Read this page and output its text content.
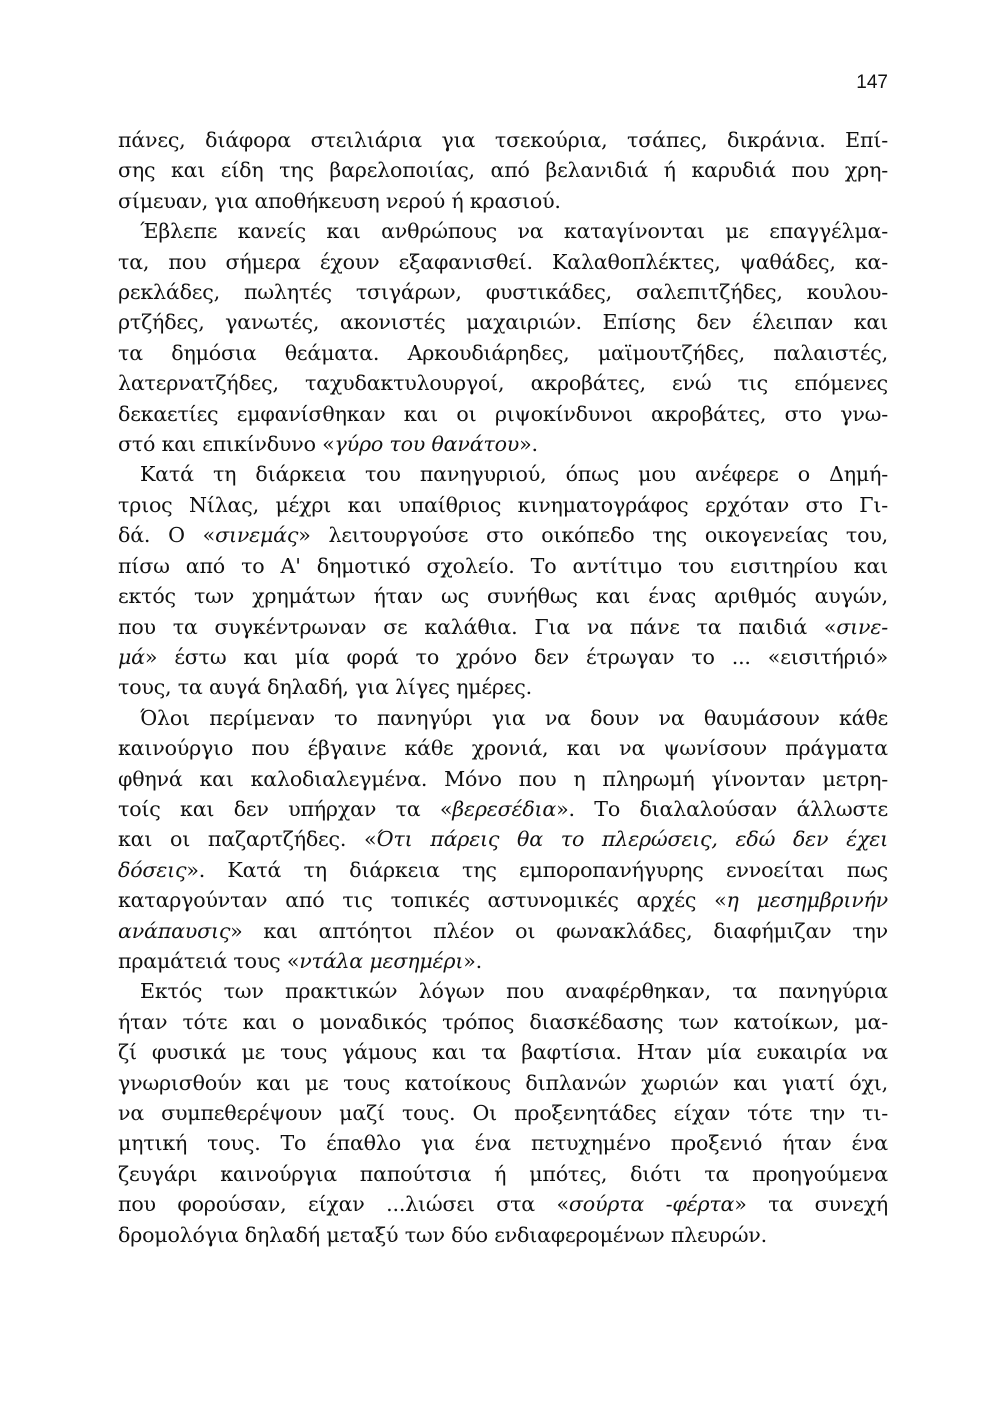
147
πάνες, διάφορα στειλιάρια για τσεκούρια, τσάπες, δικράνια. Επί-
σης και είδη της βαρελοποιίας, από βελανιδιά ή καρυδιά που χρη-
σίμευαν, για αποθήκευση νερού ή κρασιού.
Έβλεπε κανείς και ανθρώπους να καταγίνονται με επαγγέλμα-
τα, που σήμερα έχουν εξαφανισθεί. Καλαθοπλέκτες, ψαθάδες, κα-
ρεκλάδες, πωλητές τσιγάρων, φυστικάδες, σαλεπιτζήδες, κουλου-
ρτζήδες, γανωτές, ακονιστές μαχαιριών. Επίσης δεν έλειπαν και
τα δημόσια θεάματα. Αρκουδιάρηδες, μαϊμουτζήδες, παλαιστές,
λατερνατζήδες, ταχυδακτυλουργοί, ακροβάτες, ενώ τις επόμενες
δεκαετίες εμφανίσθηκαν και οι ριψοκίνδυνοι ακροβάτες, στο γνω-
στό και επικίνδυνο «γύρο του θανάτου».
Κατά τη διάρκεια του πανηγυριού, όπως μου ανέφερε ο Δημή-
τριος Νίλας, μέχρι και υπαίθριος κινηματογράφος ερχόταν στο Γι-
δά. Ο «σινεμάς» λειτουργούσε στο οικόπεδο της οικογενείας του,
πίσω από το Α' δημοτικό σχολείο. Το αντίτιμο του εισιτηρίου και
εκτός των χρημάτων ήταν ως συνήθως και ένας αριθμός αυγών,
που τα συγκέντρωναν σε καλάθια. Για να πάνε τα παιδιά «σινε-
μά» έστω και μία φορά το χρόνο δεν έτρωγαν το ... «εισιτήριό»
τους, τα αυγά δηλαδή, για λίγες ημέρες.
Όλοι περίμεναν το πανηγύρι για να δουν να θαυμάσουν κάθε
καινούργιο που έβγαινε κάθε χρονιά, και να ψωνίσουν πράγματα
φθηνά και καλοδιαλεγμένα. Μόνο που η πληρωμή γίνονταν μετρη-
τοίς και δεν υπήρχαν τα «βερεσέδια». Το διαλαλούσαν άλλωστε
και οι παζαρτζήδες. «Ότι πάρεις θα το πλερώσεις, εδώ δεν έχει
δόσεις». Κατά τη διάρκεια της εμποροπανήγυρης εννοείται πως
καταργούνταν από τις τοπικές αστυνομικές αρχές «η μεσημβρινήν
ανάπαυσις» και απτόητοι πλέον οι φωνακλάδες, διαφήμιζαν την
πραμάτειά τους «ντάλα μεσημέρι».
Εκτός των πρακτικών λόγων που αναφέρθηκαν, τα πανηγύρια
ήταν τότε και ο μοναδικός τρόπος διασκέδασης των κατοίκων, μα-
ζί φυσικά με τους γάμους και τα βαφτίσια. Ηταν μία ευκαιρία να
γνωρισθούν και με τους κατοίκους διπλανών χωριών και γιατί όχι,
να συμπεθερέψουν μαζί τους. Οι προξενητάδες είχαν τότε την τι-
μητική τους. Το έπαθλο για ένα πετυχημένο προξενιό ήταν ένα
ζευγάρι καινούργια παπούτσια ή μπότες, διότι τα προηγούμενα
που φορούσαν, είχαν ...λιώσει στα «σούρτα -φέρτα» τα συνεχή
δρομολόγια δηλαδή μεταξύ των δύο ενδιαφερομένων πλευρών.
